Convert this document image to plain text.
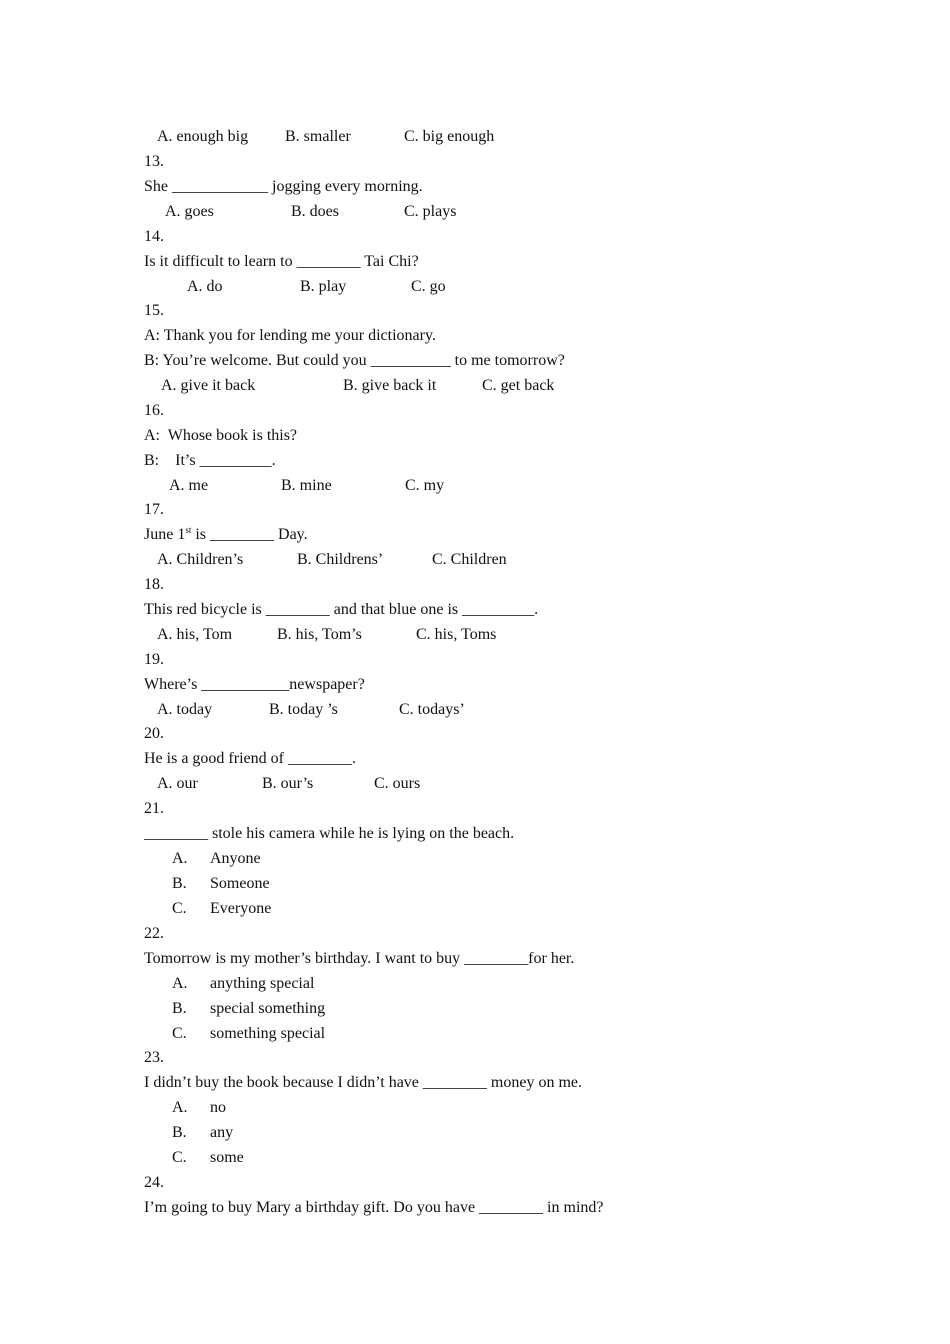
A. enough big

B. smaller

	C. big enough

13.
She ____________ jogging every morning.

A. goes

	B. does

	C. plays

14.
Is it difficult to learn to ________ Tai Chi?

A. do

	B. play

	C. go

15.
A: Thank you for lending me your dictionary.
B: You’re welcome. But could you __________ to me tomorrow?

A. give it back

	B. give back it

	C. get back

16.
A:  Whose book is this?
B:    It’s _________.

A. me

	B. mine

	C. my

17.
June 1st is ________ Day.

A. Children’s

	B. Childrens’

	C. Children

18.
This red bicycle is ________ and that blue one is _________.

A. his, Tom

	B. his, Tom’s

	C. his, Toms

19.
Where’s ___________newspaper?

A. today

	B. today ’s

	C. todays’

20.
He is a good friend of ________.

A. our

	B. our’s

	C. ours

21.
________ stole his camera while he is lying on the beach.

A.

Anyone

B.

Someone

C.

Everyone

22.
Tomorrow is my mother’s birthday. I want to buy ________for her.

A.

anything special

B.

special something

C.

something special

23.
I didn’t buy the book because I didn’t have ________ money on me.

A.

no

B.

any

C.

some

24.
I’m going to buy Mary a birthday gift. Do you have ________ in mind?
